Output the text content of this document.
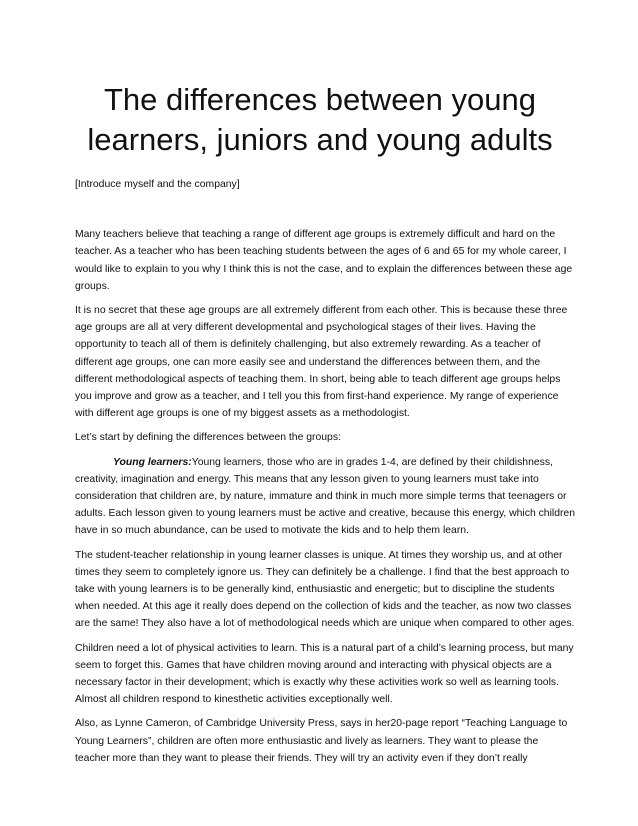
The differences between young
learners, juniors and young adults

[Introduce myself and the company]

Many teachers believe that teaching a range of different age groups is extremely difficult and hard on the teacher. As a teacher who has been teaching students between the ages of 6 and 65 for my whole career, I would like to explain to you why I think this is not the case, and to explain the differences between these age groups.

It is no secret that these age groups are all extremely different from each other. This is because these three age groups are all at very different developmental and psychological stages of their lives. Having the opportunity to teach all of them is definitely challenging, but also extremely rewarding. As a teacher of different age groups, one can more easily see and understand the differences between them, and the different methodological aspects of teaching them. In short, being able to teach different age groups helps you improve and grow as a teacher, and I tell you this from first-hand experience. My range of experience with different age groups is one of my biggest assets as a methodologist.

Let’s start by defining the differences between the groups:

Young learners:Young learners, those who are in grades 1-4, are defined by their childishness, creativity, imagination and energy. This means that any lesson given to young learners must take into consideration that children are, by nature, immature and think in much more simple terms that teenagers or adults. Each lesson given to young learners must be active and creative, because this energy, which children have in so much abundance, can be used to motivate the kids and to help them learn.

The student-teacher relationship in young learner classes is unique. At times they worship us, and at other times they seem to completely ignore us. They can definitely be a challenge. I find that the best approach to take with young learners is to be generally kind, enthusiastic and energetic; but to discipline the students when needed. At this age it really does depend on the collection of kids and the teacher, as now two classes are the same! They also have a lot of methodological needs which are unique when compared to other ages.

Children need a lot of physical activities to learn. This is a natural part of a child’s learning process, but many seem to forget this. Games that have children moving around and interacting with physical objects are a necessary factor in their development; which is exactly why these activities work so well as learning tools. Almost all children respond to kinesthetic activities exceptionally well.

Also, as Lynne Cameron, of Cambridge University Press, says in her20-page report “Teaching Language to Young Learners”, children are often more enthusiastic and lively as learners. They want to please the teacher more than they want to please their friends. They will try an activity even if they don’t really
